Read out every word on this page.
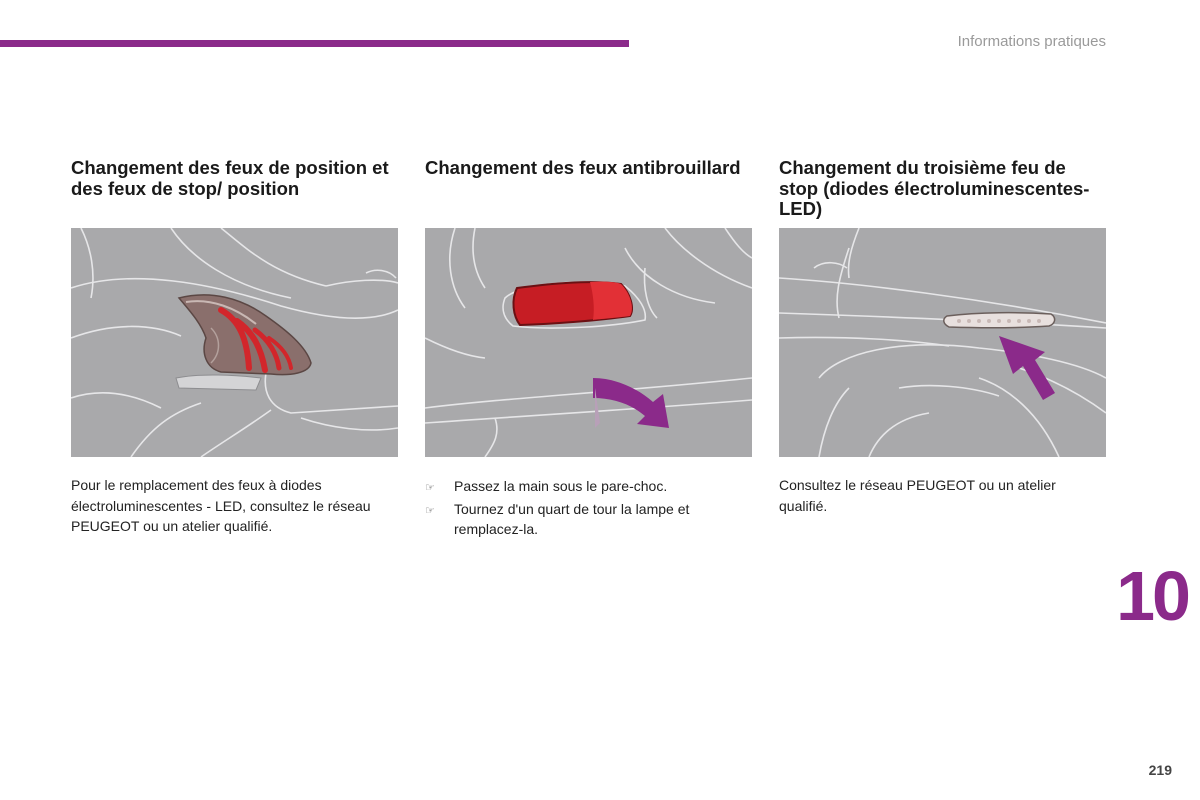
Informations pratiques
Changement des feux de position et des feux de stop/ position
Pour le remplacement des feux à diodes électroluminescentes - LED, consultez le réseau PEUGEOT ou un atelier qualifié.
Changement des feux antibrouillard
☞	Passez la main sous le pare-choc.
☞	Tournez d'un quart de tour la lampe et remplacez-la.
Changement du troisième feu de stop (diodes électroluminescentes-LED)
Consultez le réseau PEUGEOT ou un atelier qualifié.
10
219
